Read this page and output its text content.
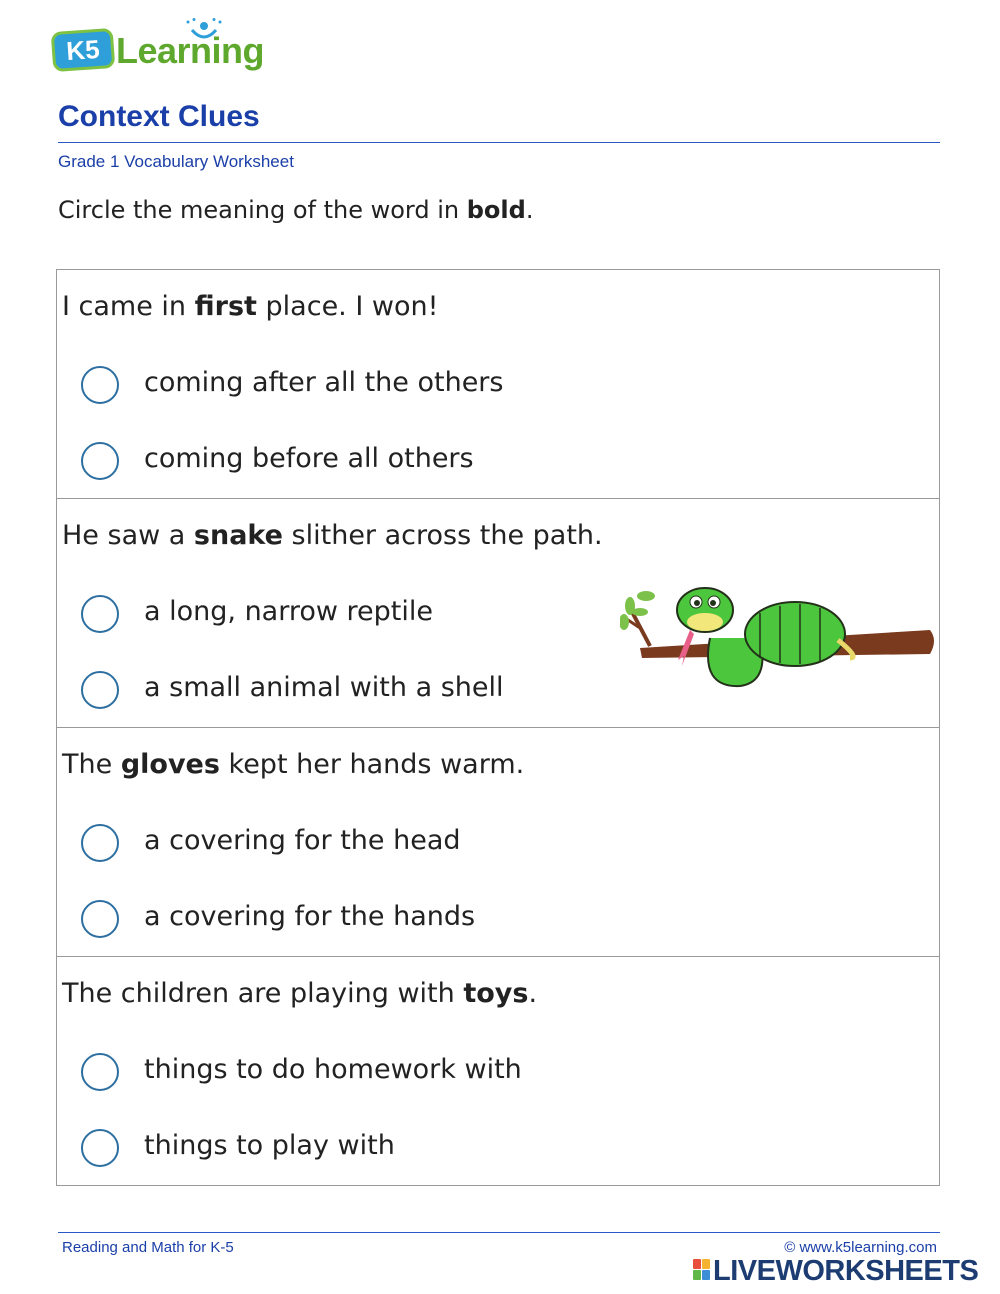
K5 Learning
Context Clues
Grade 1 Vocabulary Worksheet
Circle the meaning of the word in bold.
I came in first place. I won!
coming after all the others
coming before all others
He saw a snake slither across the path.
a long, narrow reptile
a small animal with a shell
The gloves kept her hands warm.
a covering for the head
a covering for the hands
The children are playing with toys.
things to do homework with
things to play with
Reading and Math for K-5	© www.k5learning.com
LIVEWORKSHEETS
